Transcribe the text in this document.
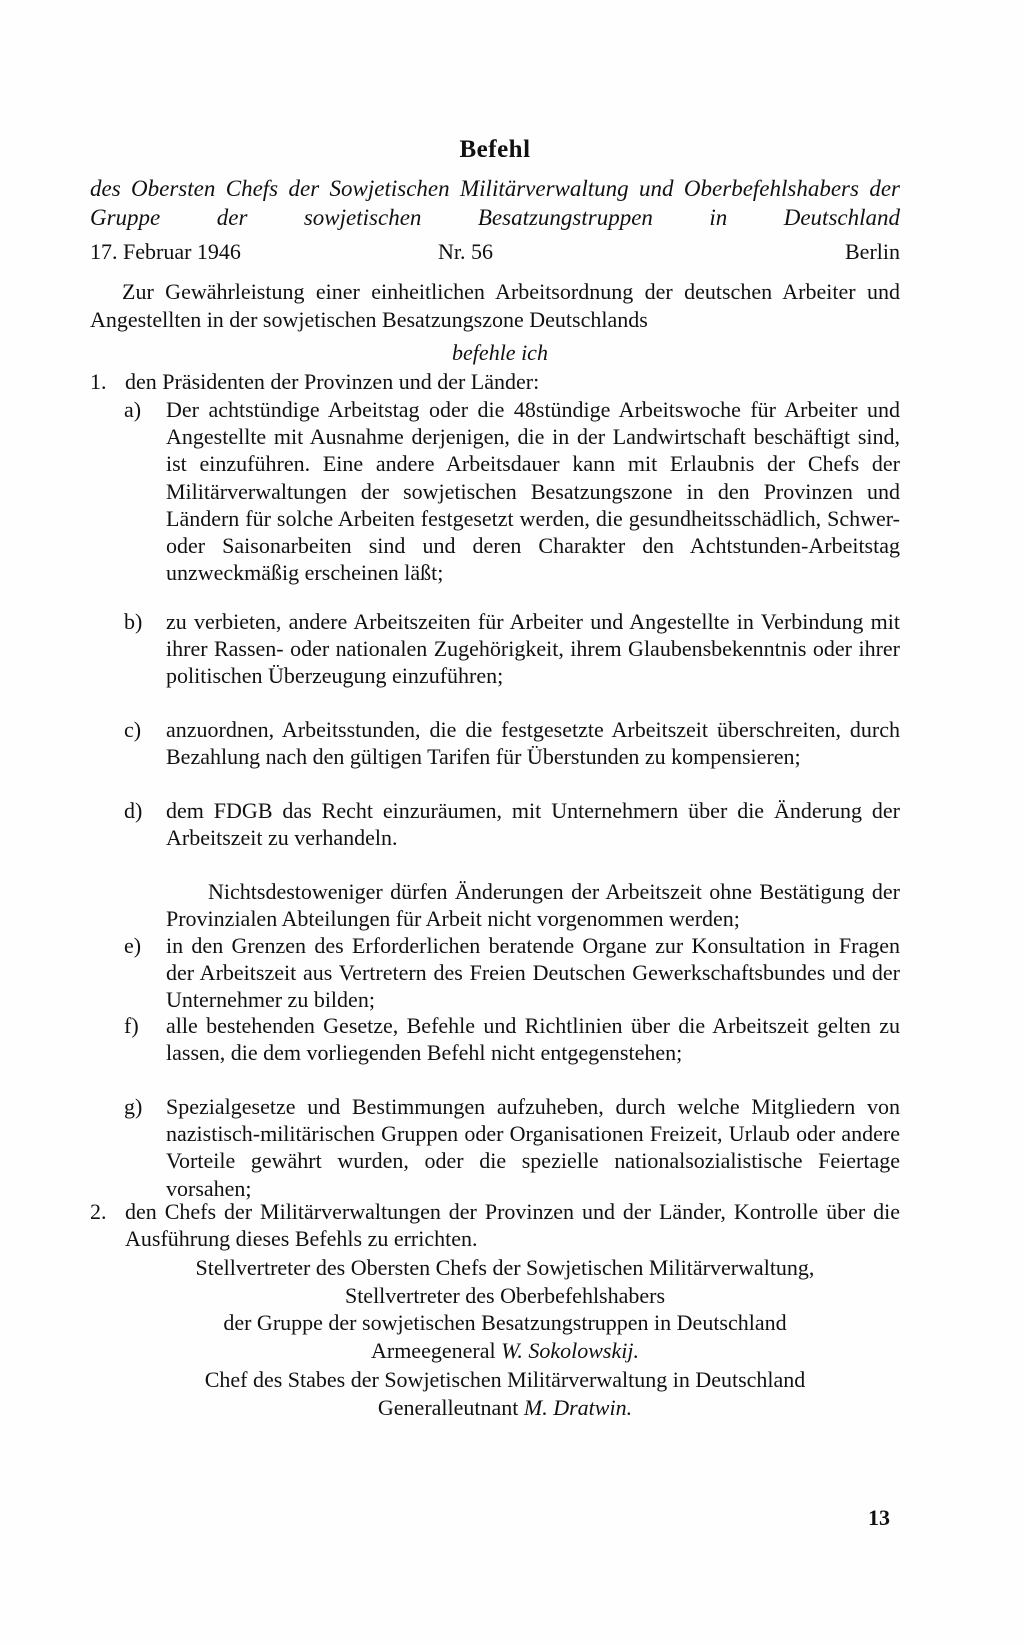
Befehl
des Obersten Chefs der Sowjetischen Militärverwaltung und Oberbefehlshabers der Gruppe der sowjetischen Besatzungstruppen in Deutschland
17. Februar 1946	Nr. 56	Berlin
Zur Gewährleistung einer einheitlichen Arbeitsordnung der deutschen Arbeiter und Angestellten in der sowjetischen Besatzungszone Deutschlands
befehle ich
1. den Präsidenten der Provinzen und der Länder:
a) Der achtstündige Arbeitstag oder die 48stündige Arbeitswoche für Arbeiter und Angestellte mit Ausnahme derjenigen, die in der Landwirtschaft beschäftigt sind, ist einzuführen. Eine andere Arbeitsdauer kann mit Erlaubnis der Chefs der Militärverwaltungen der sowjetischen Besatzungszone in den Provinzen und Ländern für solche Arbeiten festgesetzt werden, die gesundheitsschädlich, Schwer- oder Saisonarbeiten sind und deren Charakter den Achtstunden-Arbeitstag unzweckmäßig erscheinen läßt;
b) zu verbieten, andere Arbeitszeiten für Arbeiter und Angestellte in Verbindung mit ihrer Rassen- oder nationalen Zugehörigkeit, ihrem Glaubensbekenntnis oder ihrer politischen Überzeugung einzuführen;
c) anzuordnen, Arbeitsstunden, die die festgesetzte Arbeitszeit überschreiten, durch Bezahlung nach den gültigen Tarifen für Überstunden zu kompensieren;
d) dem FDGB das Recht einzuräumen, mit Unternehmern über die Änderung der Arbeitszeit zu verhandeln.
Nichtsdestoweniger dürfen Änderungen der Arbeitszeit ohne Bestätigung der Provinzialen Abteilungen für Arbeit nicht vorgenommen werden;
e) in den Grenzen des Erforderlichen beratende Organe zur Konsultation in Fragen der Arbeitszeit aus Vertretern des Freien Deutschen Gewerkschaftsbundes und der Unternehmer zu bilden;
f) alle bestehenden Gesetze, Befehle und Richtlinien über die Arbeitszeit gelten zu lassen, die dem vorliegenden Befehl nicht entgegenstehen;
g) Spezialgesetze und Bestimmungen aufzuheben, durch welche Mitgliedern von nazistisch-militärischen Gruppen oder Organisationen Freizeit, Urlaub oder andere Vorteile gewährt wurden, oder die spezielle nationalsozialistische Feiertage vorsahen;
2. den Chefs der Militärverwaltungen der Provinzen und der Länder, Kontrolle über die Ausführung dieses Befehls zu errichten.
Stellvertreter des Obersten Chefs der Sowjetischen Militärverwaltung,
Stellvertreter des Oberbefehlshabers
der Gruppe der sowjetischen Besatzungstruppen in Deutschland
Armeegeneral W. Sokolowskij.
Chef des Stabes der Sowjetischen Militärverwaltung in Deutschland
Generalleutnant M. Dratwin.
13
